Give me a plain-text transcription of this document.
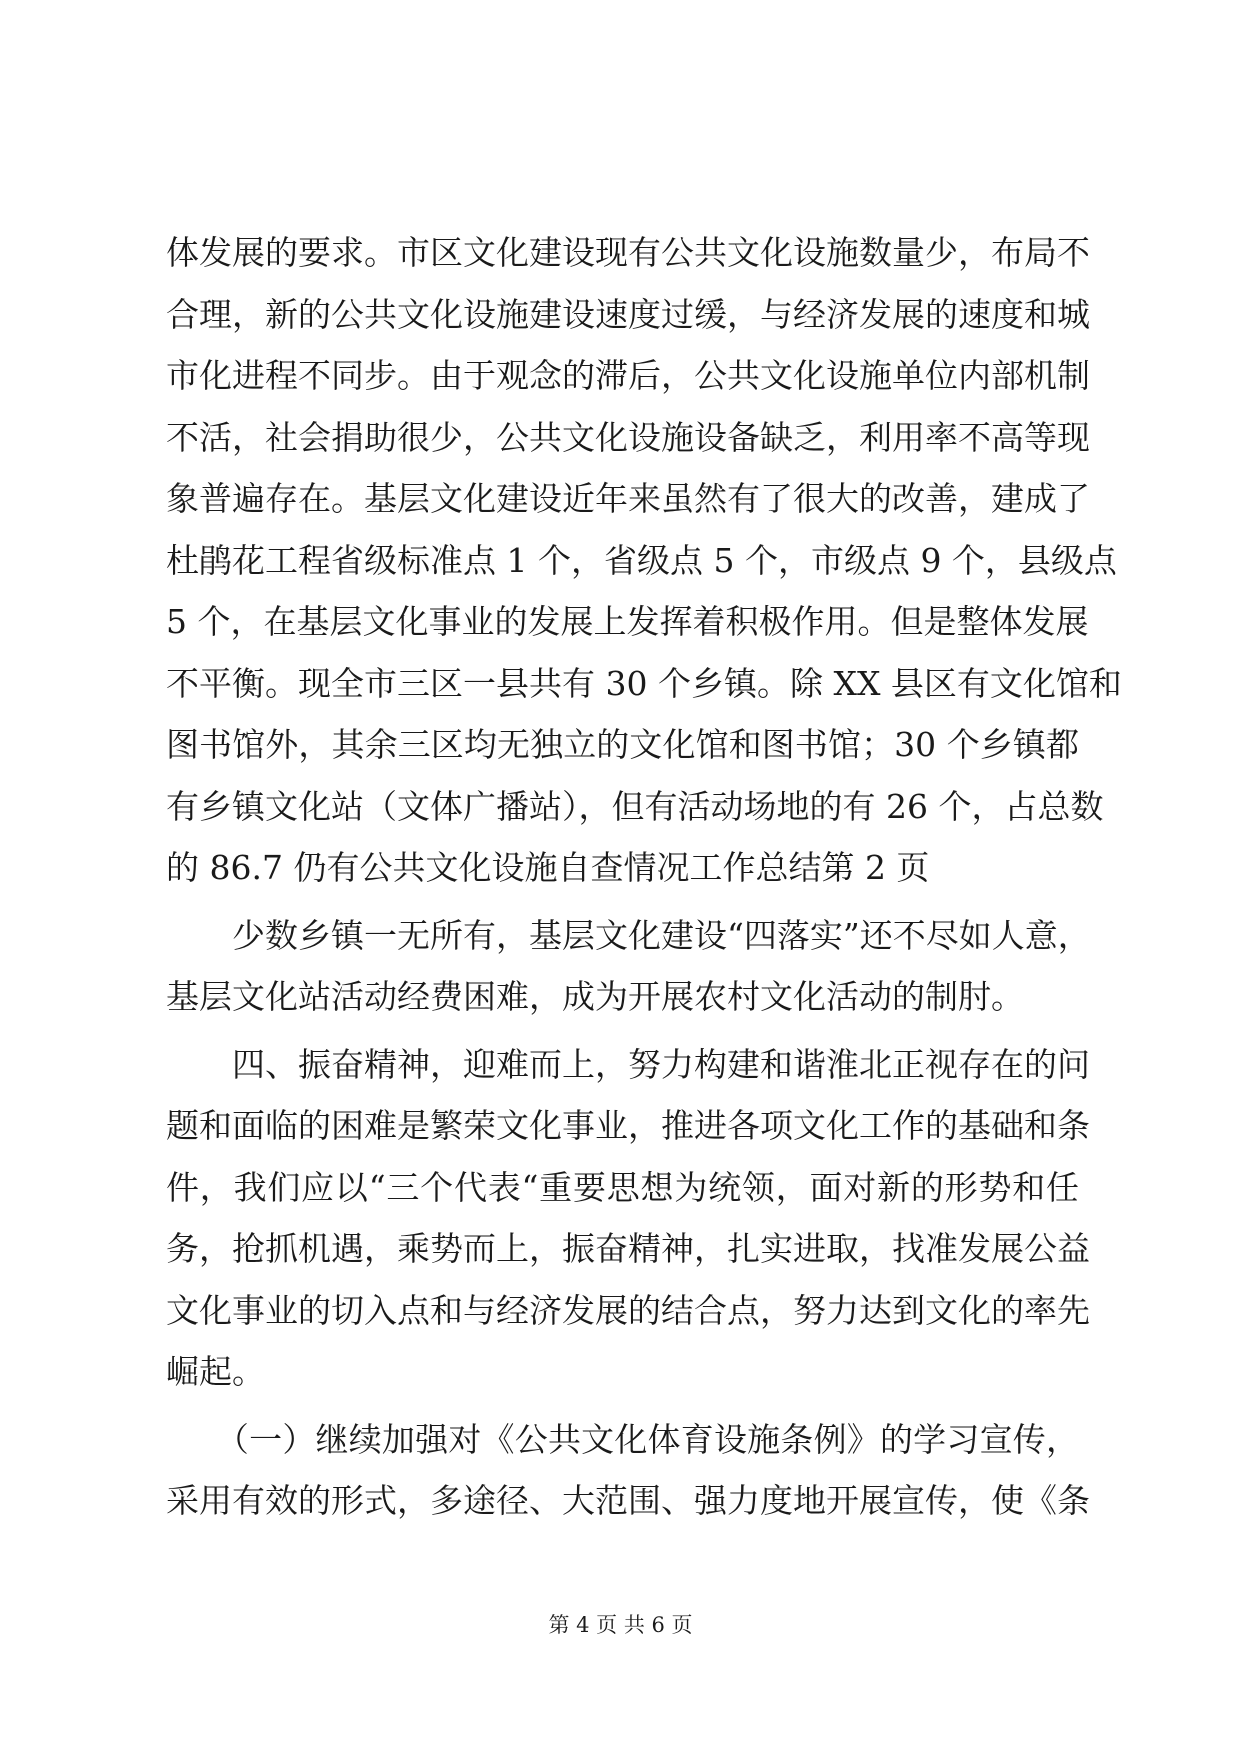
体发展的要求。市区文化建设现有公共文化设施数量少，布局不
合理，新的公共文化设施建设速度过缓，与经济发展的速度和城
市化进程不同步。由于观念的滞后，公共文化设施单位内部机制
不活，社会捐助很少，公共文化设施设备缺乏，利用率不高等现
象普遍存在。基层文化建设近年来虽然有了很大的改善，建成了
杜鹃花工程省级标准点 1 个，省级点 5 个，市级点 9 个，县级点
5 个，在基层文化事业的发展上发挥着积极作用。但是整体发展
不平衡。现全市三区一县共有 30 个乡镇。除 XX 县区有文化馆和
图书馆外，其余三区均无独立的文化馆和图书馆；30 个乡镇都
有乡镇文化站（文体广播站），但有活动场地的有 26 个，占总数
的 86.7 仍有公共文化设施自查情况工作总结第 2 页
　　少数乡镇一无所有，基层文化建设“四落实”还不尽如人意，
基层文化站活动经费困难，成为开展农村文化活动的制肘。
　　四、振奋精神，迎难而上，努力构建和谐淮北正视存在的问
题和面临的困难是繁荣文化事业，推进各项文化工作的基础和条
件，我们应以“三个代表“重要思想为统领，面对新的形势和任
务，抢抓机遇，乘势而上，振奋精神，扎实进取，找准发展公益
文化事业的切入点和与经济发展的结合点，努力达到文化的率先
崛起。
　　（一）继续加强对《公共文化体育设施条例》的学习宣传，
采用有效的形式，多途径、大范围、强力度地开展宣传，使《条
第 4 页 共 6 页
